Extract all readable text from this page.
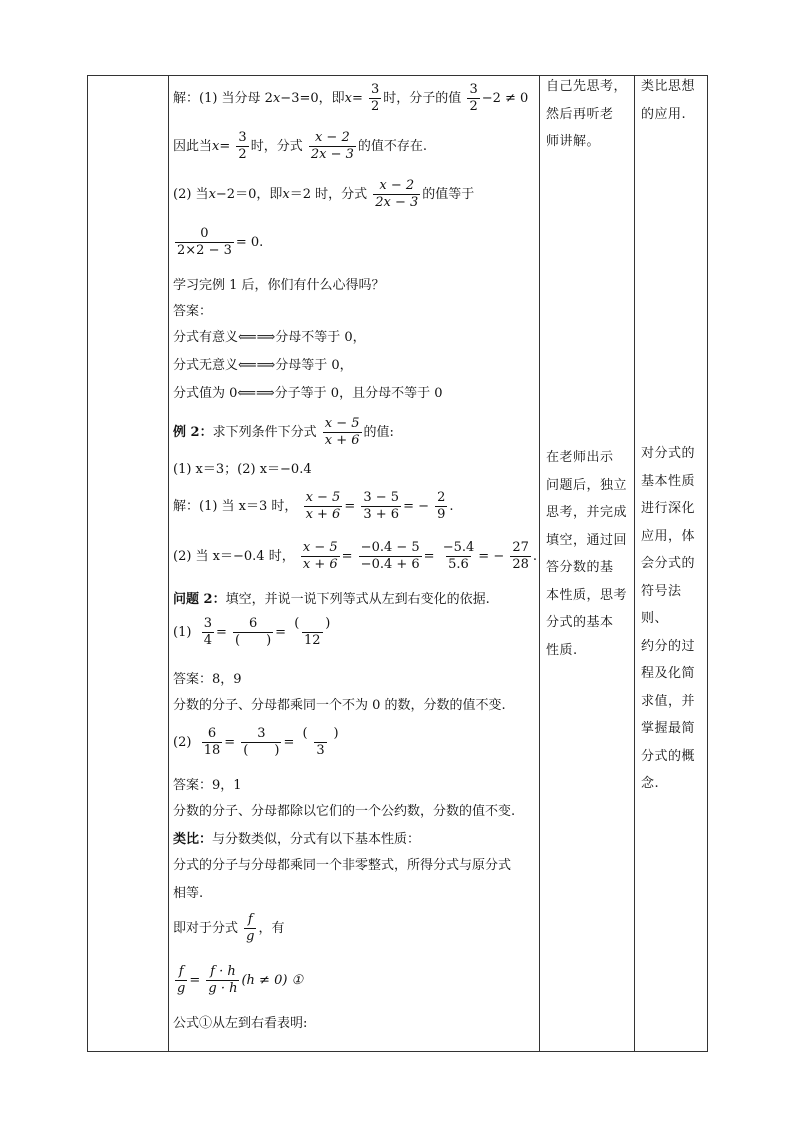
解：(1) 当分母 2x−3=0，即$x= \frac{3}{2}$ 时，分子的值 $\frac{3}{2} -2 \ne 0$
因此当$x= \frac{3}{2}$ 时，分式 $\frac{x - 2}{2x - 3}$ 的值不存在.
(2) 当x−2＝0，即x＝2 时，分式 $\frac{x - 2}{2x - 3}$ 的值等于
$\frac{0}{2\times 2 - 3} = 0$.
学习完例 1 后，你们有什么心得吗？
答案：
分式有意义⟸⟹分母不等于 0，
分式无意义⟸⟹分母等于 0，
分式值为 0⟸⟹分子等于 0，且分母不等于 0
例 2：求下列条件下分式 $\frac{x - 5}{x + 6}$ 的值:
(1) x＝3；(2) x＝−0.4
解：(1) 当 x＝3 时， $\frac{x - 5}{x + 6} = \frac{3 - 5}{3 + 6}$ = − $\frac{2}{9}$ .
(2) 当 x＝−0.4 时， $\frac{x - 5}{x + 6} = \frac{-0.4 - 5}{-0.4 + 6} = \frac{-5.4}{5.6}$ = − $\frac{27}{28}$ .
问题 2：填空，并说一说下列等式从左到右变化的依据.
$(1) \frac{3}{4} = \frac{6}{( )} = \frac{( )}{12}$
答案：8，9
分数的分子、分母都乘同一个不为 0 的数，分数的值不变.
$(2) \frac{6}{18} = \frac{3}{( )} = \frac{( )}{3}$
答案：9，1
分数的分子、分母都除以它们的一个公约数，分数的值不变.
类比：与分数类似，分式有以下基本性质：
分式的分子与分母都乘同一个非零整式，所得分式与原分式
相等.
即对于分式 $\frac{f}{g}$ ，有
$\frac{f}{g} = \frac{f \cdot h}{g \cdot h} (h \ne 0)$ ①
公式①从左到右看表明:
自己先思考，
然后再听老
师讲解。
在老师出示
问题后，独立
思考，并完成
填空，通过回
答分数的基
本性质，思考
分式的基本
性质.
类比思想
的应用.
对分式的
基本性质
进行深化
应用，体
会分式的
符号法则、
约分的过
程及化简
求值，并
掌握最简
分式的概
念.
